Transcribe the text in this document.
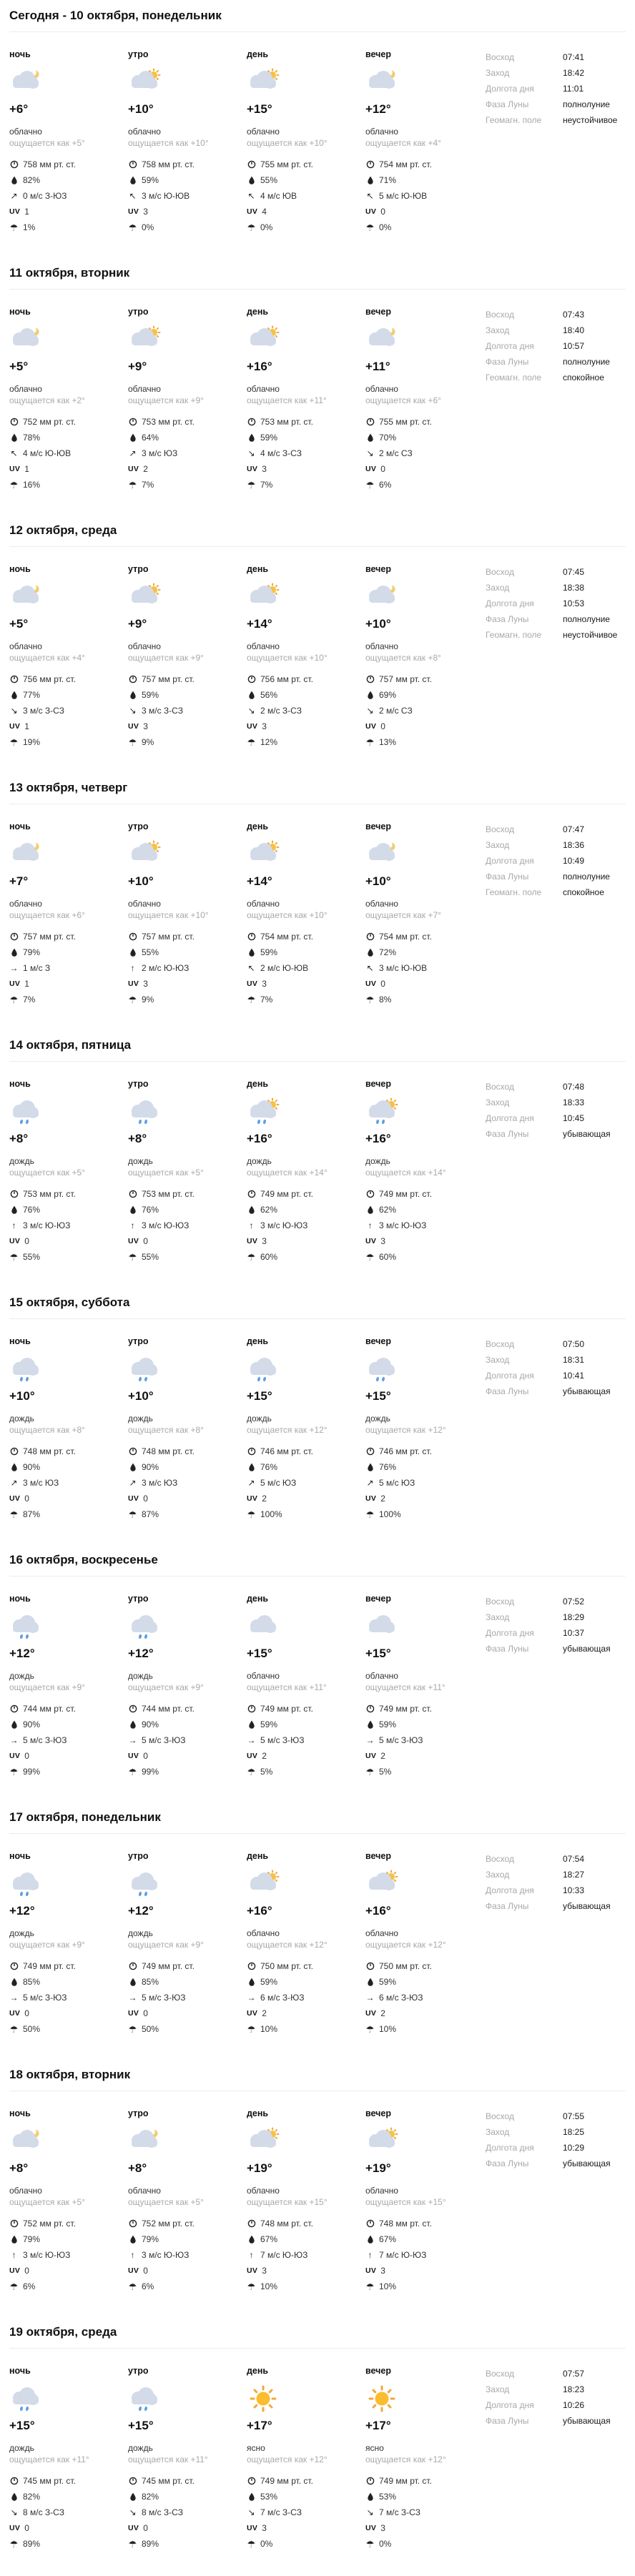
Сегодня - 10 октября, понедельник
ночь
+6°
облачно
ощущается как +5°
758 мм рт. ст.
82%
↗ 0 м/с З-ЮЗ
UV 1
☂ 1%
утро
+10°
облачно
ощущается как +10°
758 мм рт. ст.
59%
↖ 3 м/с Ю-ЮВ
UV 3
☂ 0%
день
+15°
облачно
ощущается как +10°
755 мм рт. ст.
55%
↖ 4 м/с ЮВ
UV 4
☂ 0%
вечер
+12°
облачно
ощущается как +4°
754 мм рт. ст.
71%
↖ 5 м/с Ю-ЮВ
UV 0
☂ 0%
Восход	07:41
Заход	18:42
Долгота дня	11:01
Фаза Луны	полнолуние
Геомагн. поле	неустойчивое
11 октября, вторник
ночь
+5°
облачно
ощущается как +2°
752 мм рт. ст.
78%
↖ 4 м/с Ю-ЮВ
UV 1
☂ 16%
утро
+9°
облачно
ощущается как +9°
753 мм рт. ст.
64%
↗ 3 м/с ЮЗ
UV 2
☂ 7%
день
+16°
облачно
ощущается как +11°
753 мм рт. ст.
59%
↘ 4 м/с З-СЗ
UV 3
☂ 7%
вечер
+11°
облачно
ощущается как +6°
755 мм рт. ст.
70%
↘ 2 м/с СЗ
UV 0
☂ 6%
Восход	07:43
Заход	18:40
Долгота дня	10:57
Фаза Луны	полнолуние
Геомагн. поле	спокойное
12 октября, среда
ночь
+5°
облачно
ощущается как +4°
756 мм рт. ст.
77%
↘ 3 м/с З-СЗ
UV 1
☂ 19%
утро
+9°
облачно
ощущается как +9°
757 мм рт. ст.
59%
↘ 3 м/с З-СЗ
UV 3
☂ 9%
день
+14°
облачно
ощущается как +10°
756 мм рт. ст.
56%
↘ 2 м/с З-СЗ
UV 3
☂ 12%
вечер
+10°
облачно
ощущается как +8°
757 мм рт. ст.
69%
↘ 2 м/с СЗ
UV 0
☂ 13%
Восход	07:45
Заход	18:38
Долгота дня	10:53
Фаза Луны	полнолуние
Геомагн. поле	неустойчивое
13 октября, четверг
ночь
+7°
облачно
ощущается как +6°
757 мм рт. ст.
79%
→ 1 м/с З
UV 1
☂ 7%
утро
+10°
облачно
ощущается как +10°
757 мм рт. ст.
55%
↑ 2 м/с Ю-ЮЗ
UV 3
☂ 9%
день
+14°
облачно
ощущается как +10°
754 мм рт. ст.
59%
↖ 2 м/с Ю-ЮВ
UV 3
☂ 7%
вечер
+10°
облачно
ощущается как +7°
754 мм рт. ст.
72%
↖ 3 м/с Ю-ЮВ
UV 0
☂ 8%
Восход	07:47
Заход	18:36
Долгота дня	10:49
Фаза Луны	полнолуние
Геомагн. поле	спокойное
14 октября, пятница
ночь
+8°
дождь
ощущается как +5°
753 мм рт. ст.
76%
↑ 3 м/с Ю-ЮЗ
UV 0
☂ 55%
утро
+8°
дождь
ощущается как +5°
753 мм рт. ст.
76%
↑ 3 м/с Ю-ЮЗ
UV 0
☂ 55%
день
+16°
дождь
ощущается как +14°
749 мм рт. ст.
62%
↑ 3 м/с Ю-ЮЗ
UV 3
☂ 60%
вечер
+16°
дождь
ощущается как +14°
749 мм рт. ст.
62%
↑ 3 м/с Ю-ЮЗ
UV 3
☂ 60%
Восход	07:48
Заход	18:33
Долгота дня	10:45
Фаза Луны	убывающая
15 октября, суббота
ночь
+10°
дождь
ощущается как +8°
748 мм рт. ст.
90%
↗ 3 м/с ЮЗ
UV 0
☂ 87%
утро
+10°
дождь
ощущается как +8°
748 мм рт. ст.
90%
↗ 3 м/с ЮЗ
UV 0
☂ 87%
день
+15°
дождь
ощущается как +12°
746 мм рт. ст.
76%
↗ 5 м/с ЮЗ
UV 2
☂ 100%
вечер
+15°
дождь
ощущается как +12°
746 мм рт. ст.
76%
↗ 5 м/с ЮЗ
UV 2
☂ 100%
Восход	07:50
Заход	18:31
Долгота дня	10:41
Фаза Луны	убывающая
16 октября, воскресенье
ночь
+12°
дождь
ощущается как +9°
744 мм рт. ст.
90%
→ 5 м/с З-ЮЗ
UV 0
☂ 99%
утро
+12°
дождь
ощущается как +9°
744 мм рт. ст.
90%
→ 5 м/с З-ЮЗ
UV 0
☂ 99%
день
+15°
облачно
ощущается как +11°
749 мм рт. ст.
59%
→ 5 м/с З-ЮЗ
UV 2
☂ 5%
вечер
+15°
облачно
ощущается как +11°
749 мм рт. ст.
59%
→ 5 м/с З-ЮЗ
UV 2
☂ 5%
Восход	07:52
Заход	18:29
Долгота дня	10:37
Фаза Луны	убывающая
17 октября, понедельник
ночь
+12°
дождь
ощущается как +9°
749 мм рт. ст.
85%
→ 5 м/с З-ЮЗ
UV 0
☂ 50%
утро
+12°
дождь
ощущается как +9°
749 мм рт. ст.
85%
→ 5 м/с З-ЮЗ
UV 0
☂ 50%
день
+16°
облачно
ощущается как +12°
750 мм рт. ст.
59%
→ 6 м/с З-ЮЗ
UV 2
☂ 10%
вечер
+16°
облачно
ощущается как +12°
750 мм рт. ст.
59%
→ 6 м/с З-ЮЗ
UV 2
☂ 10%
Восход	07:54
Заход	18:27
Долгота дня	10:33
Фаза Луны	убывающая
18 октября, вторник
ночь
+8°
облачно
ощущается как +5°
752 мм рт. ст.
79%
↑ 3 м/с Ю-ЮЗ
UV 0
☂ 6%
утро
+8°
облачно
ощущается как +5°
752 мм рт. ст.
79%
↑ 3 м/с Ю-ЮЗ
UV 0
☂ 6%
день
+19°
облачно
ощущается как +15°
748 мм рт. ст.
67%
↑ 7 м/с Ю-ЮЗ
UV 3
☂ 10%
вечер
+19°
облачно
ощущается как +15°
748 мм рт. ст.
67%
↑ 7 м/с Ю-ЮЗ
UV 3
☂ 10%
Восход	07:55
Заход	18:25
Долгота дня	10:29
Фаза Луны	убывающая
19 октября, среда
ночь
+15°
дождь
ощущается как +11°
745 мм рт. ст.
82%
↘ 8 м/с З-СЗ
UV 0
☂ 89%
утро
+15°
дождь
ощущается как +11°
745 мм рт. ст.
82%
↘ 8 м/с З-СЗ
UV 0
☂ 89%
день
+17°
ясно
ощущается как +12°
749 мм рт. ст.
53%
↘ 7 м/с З-СЗ
UV 3
☂ 0%
вечер
+17°
ясно
ощущается как +12°
749 мм рт. ст.
53%
↘ 7 м/с З-СЗ
UV 3
☂ 0%
Восход	07:57
Заход	18:23
Долгота дня	10:26
Фаза Луны	убывающая
